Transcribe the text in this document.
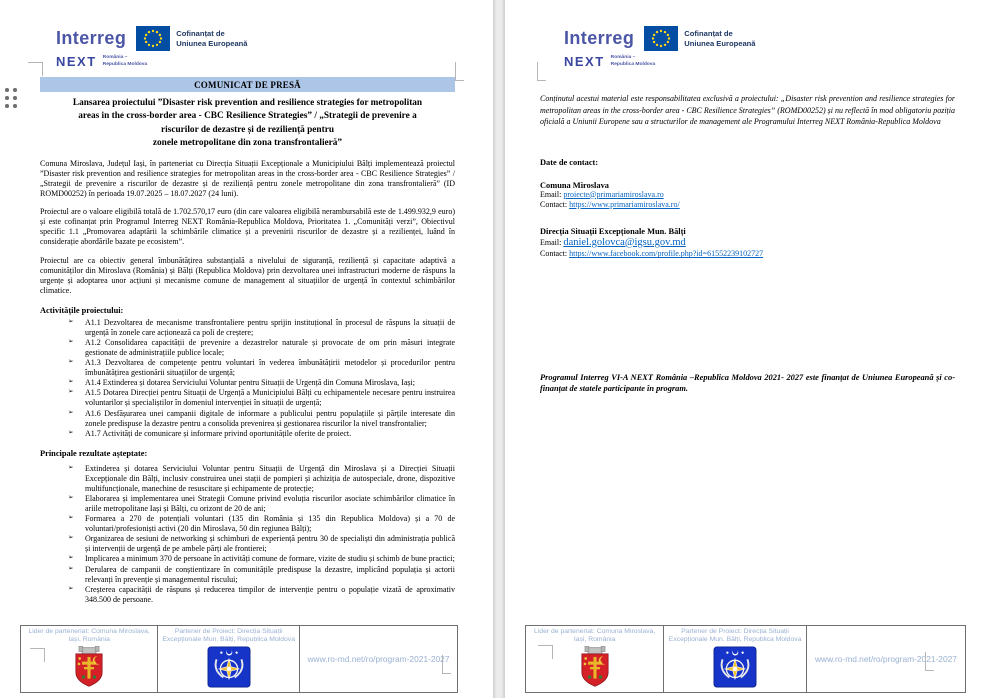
Interreg	Cofinanțat de
Uniunea Europeană
NEXT România –
Republica Moldova
COMUNICAT DE PRESĂ
Lansarea proiectului ”Disaster risk prevention and resilience strategies for metropolitan
areas in the cross-border area - CBC Resilience Strategies” / „Strategii de prevenire a
riscurilor de dezastre și de reziliență pentru
zonele metropolitane din zona transfrontalieră”
Comuna Miroslava, Județul Iași, în parteneriat cu Direcția Situații Excepționale a Municipiului Bălți implementează proiectul ”Disaster risk prevention and resilience strategies for metropolitan areas in the cross-border area - CBC Resilience Strategies” / „Strategii de prevenire a riscurilor de dezastre și de reziliență pentru zonele metropolitane din zona transfrontalieră” (ID ROMD00252) în perioada 19.07.2025 – 18.07.2027 (24 luni).
Proiectul are o valoare eligibilă totală de 1.702.570,17 euro (din care valoarea eligibilă nerambursabilă este de 1.499.932,9 euro) și este cofinanțat prin Programul Interreg NEXT România-Republica Moldova, Prioritatea 1. „Comunități verzi”, Obiectivul specific 1.1 „Promovarea adaptării la schimbările climatice și a prevenirii riscurilor de dezastre și a rezilienței, luând în considerație abordările bazate pe ecosistem”.
Proiectul are ca obiectiv general îmbunătățirea substanțială a nivelului de siguranță, reziliență și capacitate adaptivă a comunităților din Miroslava (România) și Bălți (Republica Moldova) prin dezvoltarea unei infrastructuri moderne de răspuns la urgențe și adoptarea unor acțiuni și mecanisme comune de management al situațiilor de urgență în contextul schimbărilor climatice.
Activitățile proiectului:
➢ A1.1 Dezvoltarea de mecanisme transfrontaliere pentru sprijin instituțional în procesul de răspuns la situații de urgență în zonele care acționează ca poli de creștere;
➢ A1.2 Consolidarea capacității de prevenire a dezastrelor naturale și provocate de om prin măsuri integrate gestionate de administrațiile publice locale;
➢ A1.3 Dezvoltarea de competențe pentru voluntari în vederea îmbunătățirii metodelor și procedurilor pentru îmbunătățirea gestionării situațiilor de urgență;
➢ A1.4 Extinderea și dotarea Serviciului Voluntar pentru Situații de Urgență din Comuna Miroslava, Iași;
➢ A1.5 Dotarea Direcției pentru Situații de Urgență a Municipiului Bălți cu echipamentele necesare pentru instruirea voluntarilor și specialiștilor în domeniul intervenției în situații de urgență;
➢ A1.6 Desfășurarea unei campanii digitale de informare a publicului pentru populațiile și părțile interesate din zonele predispuse la dezastre pentru a consolida prevenirea și gestionarea riscurilor la nivel transfrontalier;
➢ A1.7 Activități de comunicare și informare privind oportunitățile oferite de proiect.
Principale rezultate așteptate:
➢ Extinderea și dotarea Serviciului Voluntar pentru Situații de Urgență din Miroslava și a Direcției Situații Excepționale din Bălți, inclusiv construirea unei stații de pompieri și achiziția de autospeciale, drone, dispozitive multifuncționale, manechine de resuscitare și echipamente de protecție;
➢ Elaborarea și implementarea unei Strategii Comune privind evoluția riscurilor asociate schimbărilor climatice în ariile metropolitane Iași și Bălți, cu orizont de 20 de ani;
➢ Formarea a 270 de potențiali voluntari (135 din România și 135 din Republica Moldova) și a 70 de voluntari/profesioniști activi (20 din Miroslava, 50 din regiunea Bălți);
➢ Organizarea de sesiuni de networking și schimburi de experiență pentru 30 de specialiști din administrația publică și intervenții de urgență de pe ambele părți ale frontierei;
➢ Implicarea a minimum 370 de persoane în activități comune de formare, vizite de studiu și schimb de bune practici;
➢ Derularea de campanii de conștientizare în comunitățile predispuse la dezastre, implicând populația și actorii relevanți în prevenție și managementul riscului;
➢ Creșterea capacității de răspuns și reducerea timpilor de intervenție pentru o populație vizată de aproximativ 348.500 de persoane.
Lider de parteneriat: Comuna Miroslava, Iași, România
Partener de Proiect: Direcția Situații Excepționale Mun. Bălți, Republica Moldova
www.ro-md.net/ro/program-2021-2027
Interreg	Cofinanțat de
Uniunea Europeană
NEXT România –
Republica Moldova
Conținutul acestui material este responsabilitatea exclusivă a proiectului: „Disaster risk prevention and resilience strategies for metropolitan areas in the cross-border area - CBC Resilience Strategies” (ROMD00252) și nu reflectă în mod obligatoriu poziția oficială a Uniunii Europene sau a structurilor de management ale Programului Interreg NEXT România-Republica Moldova
Date de contact:
Comuna Miroslava
Email: proiecte@primariamiroslava.ro
Contact: https://www.primariamiroslava.ro/
Direcția Situații Excepționale Mun. Bălți
Email: daniel.golovca@igsu.gov.md
Contact: https://www.facebook.com/profile.php?id=61552239102727
Programul Interreg VI-A NEXT România –Republica Moldova 2021- 2027 este finanțat de Uniunea Europeană și co-finanțat de statele participante în program.
Lider de parteneriat: Comuna Miroslava, Iași, România
Partener de Proiect: Direcția Situații Excepționale Mun. Bălți, Republica Moldova
www.ro-md.net/ro/program-2021-2027
